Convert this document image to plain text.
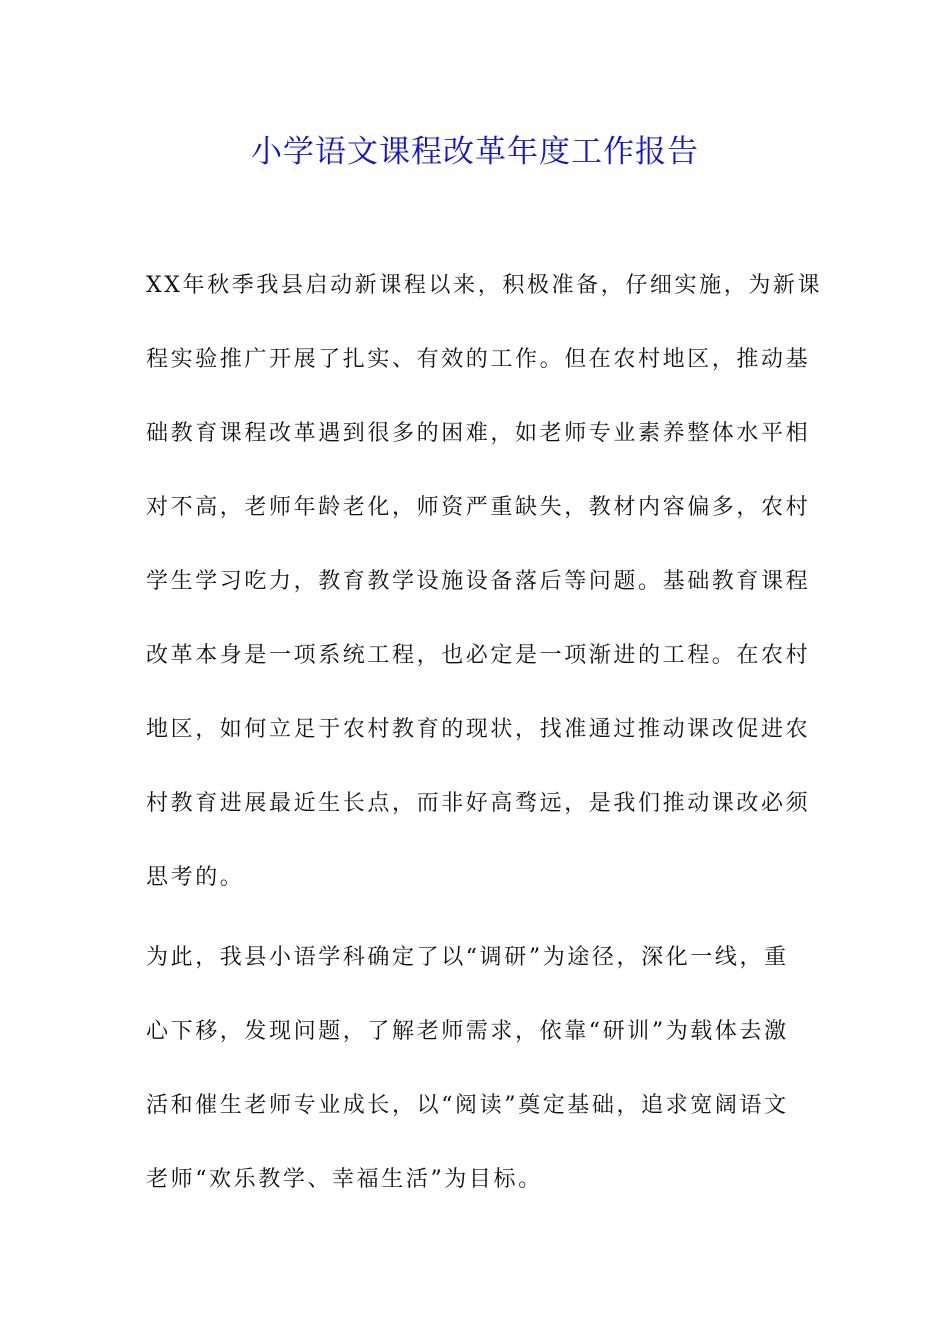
小学语文课程改革年度工作报告
XX年秋季我县启动新课程以来，积极准备，仔细实施，为新课
程实验推广开展了扎实、有效的工作。但在农村地区，推动基
础教育课程改革遇到很多的困难，如老师专业素养整体水平相
对不高，老师年龄老化，师资严重缺失，教材内容偏多，农村
学生学习吃力，教育教学设施设备落后等问题。基础教育课程
改革本身是一项系统工程，也必定是一项渐进的工程。在农村
地区，如何立足于农村教育的现状，找准通过推动课改促进农
村教育进展最近生长点，而非好高骛远，是我们推动课改必须
思考的。
为此，我县小语学科确定了以“调研”为途径，深化一线，重
心下移，发现问题，了解老师需求，依靠“研训”为载体去激
活和催生老师专业成长，以“阅读”奠定基础，追求宽阔语文
老师“欢乐教学、幸福生活”为目标。
